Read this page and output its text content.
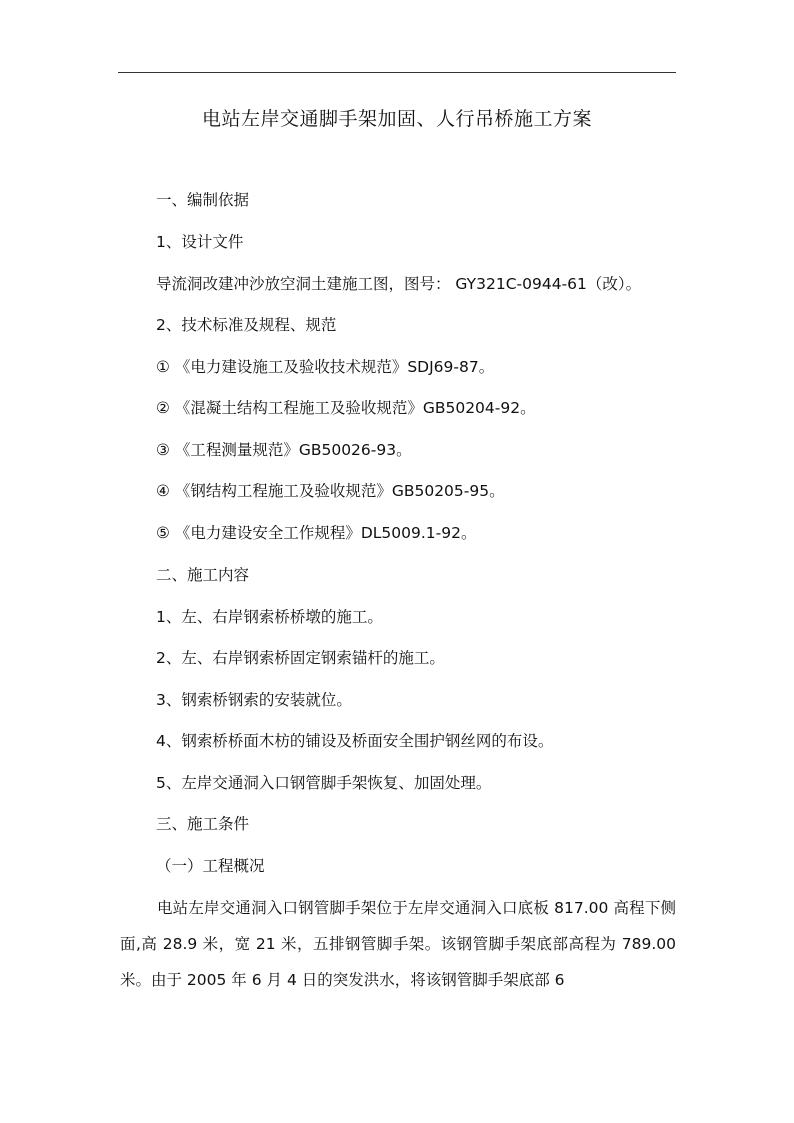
电站左岸交通脚手架加固、人行吊桥施工方案
一、编制依据
1、设计文件
导流洞改建冲沙放空洞土建施工图，图号： GY321C-0944-61（改）。
2、技术标准及规程、规范
① 《电力建设施工及验收技术规范》SDJ69-87。
② 《混凝土结构工程施工及验收规范》GB50204-92。
③ 《工程测量规范》GB50026-93。
④ 《钢结构工程施工及验收规范》GB50205-95。
⑤ 《电力建设安全工作规程》DL5009.1-92。
二、施工内容
1、左、右岸钢索桥桥墩的施工。
2、左、右岸钢索桥固定钢索锚杆的施工。
3、钢索桥钢索的安装就位。
4、钢索桥桥面木枋的铺设及桥面安全围护钢丝网的布设。
5、左岸交通洞入口钢管脚手架恢复、加固处理。
三、施工条件
（一）工程概况
电站左岸交通洞入口钢管脚手架位于左岸交通洞入口底板 817.00 高程下侧面,高 28.9 米，宽 21 米，五排钢管脚手架。该钢管脚手架底部高程为 789.00 米。由于 2005 年 6 月 4 日的突发洪水，将该钢管脚手架底部 6
